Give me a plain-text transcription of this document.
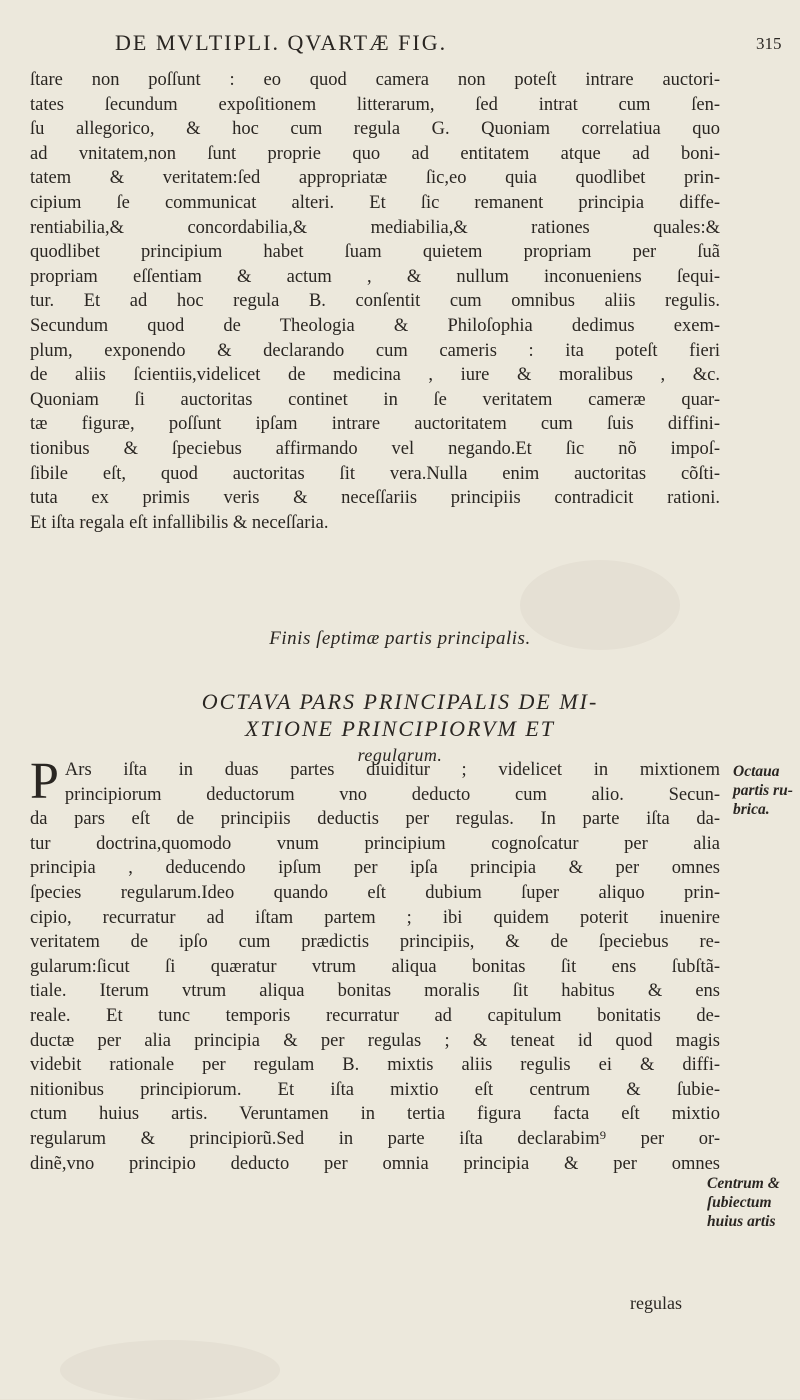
DE MVLTIPLI. QVARTÆ FIG.	315
ſtare non poſſunt : eo quod camera non poteſt intrare auctori-
tates ſecundum expoſitionem litterarum, ſed intrat cum ſen-
ſu allegorico, & hoc cum regula G. Quoniam correlatiua quo
ad vnitatem,non ſunt proprie quo ad entitatem atque ad boni-
tatem & veritatem:ſed appropriatæ ſic,eo quia quodlibet prin-
cipium ſe communicat alteri. Et ſic remanent principia diffe-
rentiabilia,& concordabilia,& mediabilia,& rationes quales:&
quodlibet principium habet ſuam quietem propriam per ſuã
propriam eſſentiam & actum , & nullum inconueniens ſequi-
tur. Et ad hoc regula B. conſentit cum omnibus aliis regulis.
Secundum quod de Theologia & Philoſophia dedimus exem-
plum, exponendo & declarando cum cameris : ita poteſt fieri
de aliis ſcientiis,videlicet de medicina , iure & moralibus , &c.
Quoniam ſi auctoritas continet in ſe veritatem cameræ quar-
tæ figuræ, poſſunt ipſam intrare auctoritatem cum ſuis diffini-
tionibus & ſpeciebus affirmando vel negando.Et ſic nõ impoſ-
ſibile eſt, quod auctoritas ſit vera.Nulla enim auctoritas cõſti-
tuta ex primis veris & neceſſariis principiis contradicit rationi.
Et iſta regala eſt infallibilis & neceſſaria.
Finis ſeptimæ partis principalis.
OCTAVA PARS PRINCIPALIS DE MI-
XTIONE PRINCIPIORVM ET
regularum.
P Ars iſta in duas partes diuiditur ; videlicet in mixtionem
principiorum deductorum vno deducto cum alio. Secun-
da pars eſt de principiis deductis per regulas. In parte iſta da-
tur doctrina,quomodo vnum principium cognoſcatur per alia
principia , deducendo ipſum per ipſa principia & per omnes
ſpecies regularum.Ideo quando eſt dubium ſuper aliquo prin-
cipio, recurratur ad iſtam partem ; ibi quidem poterit inuenire
veritatem de ipſo cum prædictis principiis, & de ſpeciebus re-
gularum:ſicut ſi quæratur vtrum aliqua bonitas ſit ens ſubſtã-
tiale. Iterum vtrum aliqua bonitas moralis ſit habitus & ens
reale. Et tunc temporis recurratur ad capitulum bonitatis de-
ductæ per alia principia & per regulas ; & teneat id quod magis
videbit rationale per regulam B. mixtis aliis regulis ei & diffi-
nitionibus principiorum. Et iſta mixtio eſt centrum & ſubie-
ctum huius artis. Veruntamen in tertia figura facta eſt mixtio
regularum & principiorũ.Sed in parte iſta declarabim⁹ per or-
dinẽ,vno principio deducto per omnia principia & per omnes
regulas
Octaua
partis ru-
brica.
Centrum &
ſubiectum
huius artis
